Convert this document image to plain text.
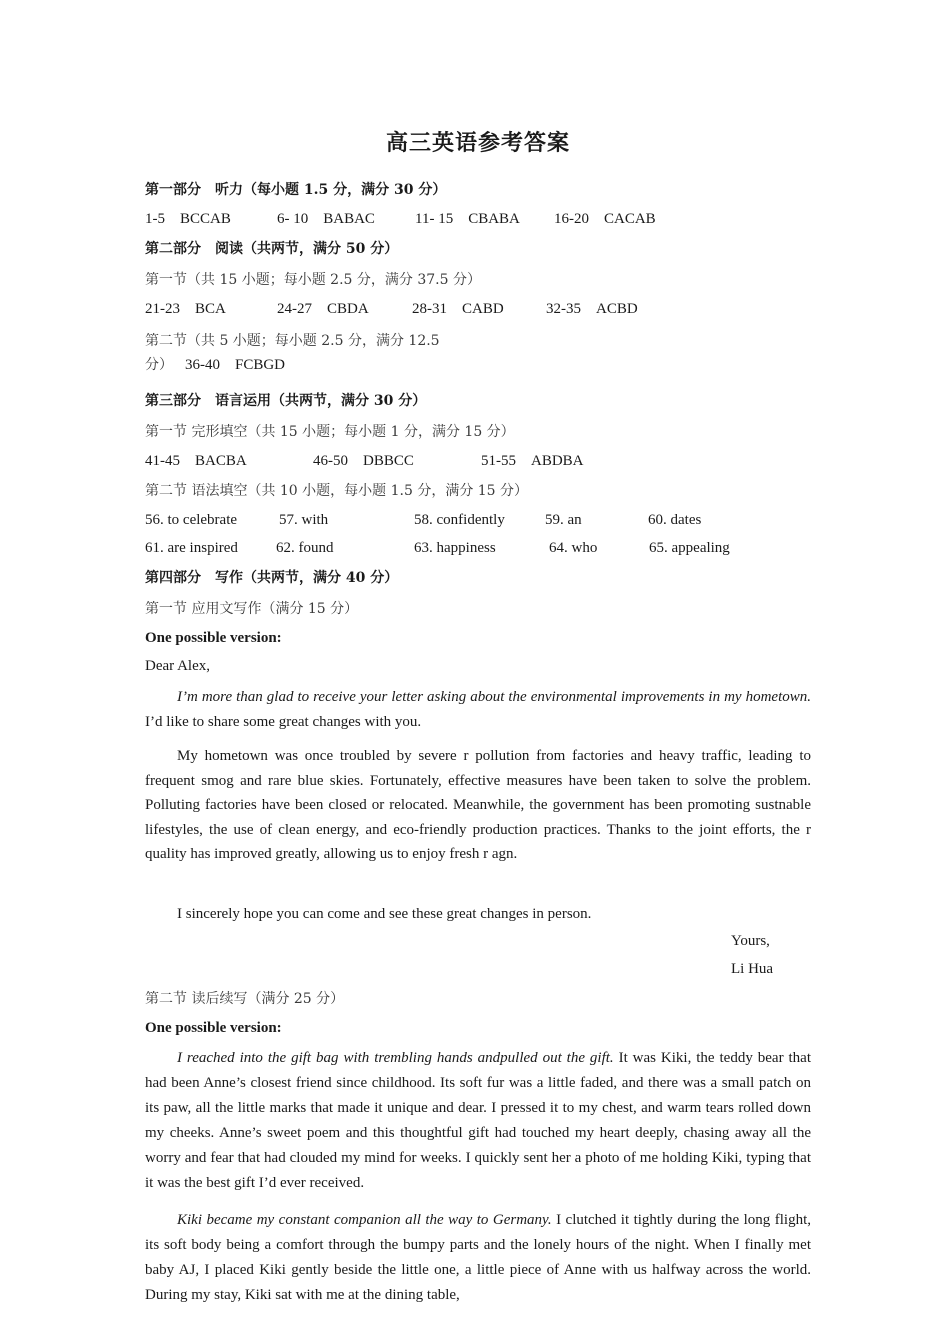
高三英语参考答案
第一部分　听力（每小题 1.5 分，满分 30 分）
1-5　BCCAB	6- 10　BABAC	11- 15　CBABA 16-20　CACAB
第二部分　阅读（共两节，满分 50 分）
第一节（共 15 小题；每小题 2.5 分，满分 37.5 分）
21-23　BCA	24-27　CBDA	28-31　CABD	32-35　ACBD
第二节（共 5 小题；每小题 2.5 分，满分 12.5
分） 36-40　FCBGD
第三部分　语言运用（共两节，满分 30 分）
第一节 完形填空（共 15 小题；每小题 1 分，满分 15 分）
41-45　BACBA	46-50　DBBCC	51-55　ABDBA
第二节 语法填空（共 10 小题，每小题 1.5 分，满分 15 分）
56. to celebrate	57. with	58. confidently	59. an	60. dates
61. are inspired	62. found	63. happiness	64. who	65. appealing
第四部分　写作（共两节，满分 40 分）
第一节 应用文写作（满分 15 分）
One possible version:
Dear Alex,
I’m more than glad to receive your letter asking about the environmental improvements in my hometown. I’d like to share some great changes with you.
My hometown was once troubled by severe r pollution from factories and heavy traffic, leading to frequent smog and rare blue skies. Fortunately, effective measures have been taken to solve the problem. Polluting factories have been closed or relocated. Meanwhile, the government has been promoting sustnable lifestyles, the use of clean energy, and eco-friendly production practices. Thanks to the joint efforts, the r quality has improved greatly, allowing us to enjoy fresh r agn.
I sincerely hope you can come and see these great changes in person.
Yours,
Li Hua
第二节 读后续写（满分 25 分）
One possible version:
I reached into the gift bag with trembling hands andpulled out the gift. It was Kiki, the teddy bear that had been Anne’s closest friend since childhood. Its soft fur was a little faded, and there was a small patch on its paw, all the little marks that made it unique and dear. I pressed it to my chest, and warm tears rolled down my cheeks. Anne’s sweet poem and this thoughtful gift had touched my heart deeply, chasing away all the worry and fear that had clouded my mind for weeks. I quickly sent her a photo of me holding Kiki, typing that it was the best gift I’d ever received.
Kiki became my constant companion all the way to Germany. I clutched it tightly during the long flight, its soft body being a comfort through the bumpy parts and the lonely hours of the night. When I finally met baby AJ, I placed Kiki gently beside the little one, a little piece of Anne with us halfway across the world. During my stay, Kiki sat with me at the dining table,
